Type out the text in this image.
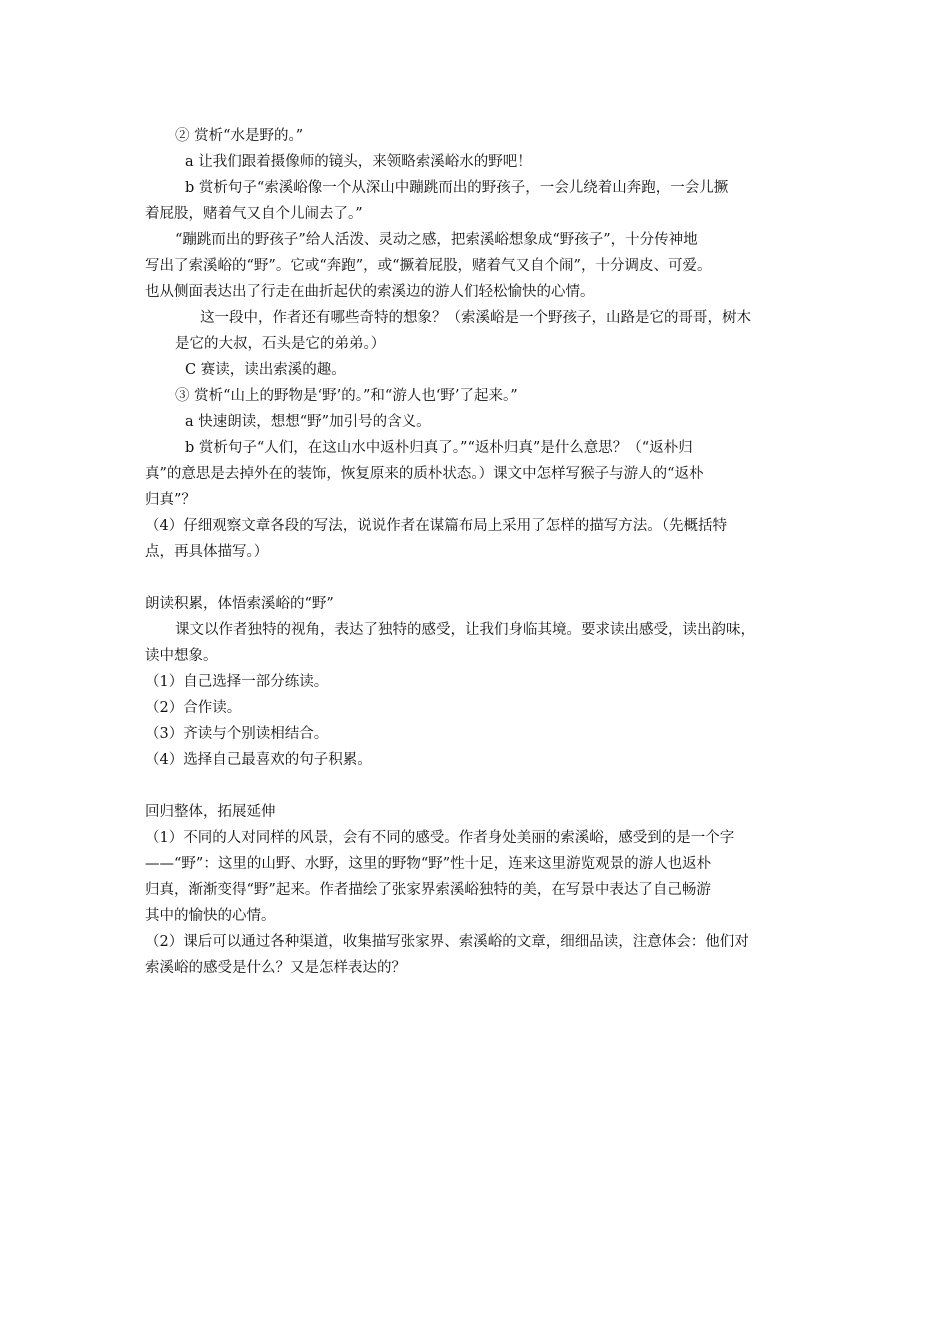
② 赏析“水是野的。”
a 让我们跟着摄像师的镜头，来领略索溪峪水的野吧！
b 赏析句子“索溪峪像一个从深山中蹦跳而出的野孩子，一会儿绕着山奔跑，一会儿撅
着屁股，赌着气又自个儿闹去了。”
“蹦跳而出的野孩子”给人活泼、灵动之感，把索溪峪想象成“野孩子”，十分传神地
写出了索溪峪的“野”。它或“奔跑”，或“撅着屁股，赌着气又自个闹”，十分调皮、可爱。
也从侧面表达出了行走在曲折起伏的索溪边的游人们轻松愉快的心情。
这一段中，作者还有哪些奇特的想象？（索溪峪是一个野孩子，山路是它的哥哥，树木
是它的大叔，石头是它的弟弟。）
C 赛读，读出索溪的趣。
③ 赏析“山上的野物是‘野’的。”和“游人也‘野’了起来。”
a 快速朗读，想想“野”加引号的含义。
b 赏析句子“人们，在这山水中返朴归真了。”“返朴归真”是什么意思？（“返朴归
真”的意思是去掉外在的装饰，恢复原来的质朴状态。）课文中怎样写猴子与游人的“返朴
归真”？
（4）仔细观察文章各段的写法，说说作者在谋篇布局上采用了怎样的描写方法。（先概括特
点，再具体描写。）
朗读积累，体悟索溪峪的“野”
课文以作者独特的视角，表达了独特的感受，让我们身临其境。要求读出感受，读出韵味，
读中想象。
（1）自己选择一部分练读。
（2）合作读。
（3）齐读与个别读相结合。
（4）选择自己最喜欢的句子积累。
回归整体，拓展延伸
（1）不同的人对同样的风景，会有不同的感受。作者身处美丽的索溪峪，感受到的是一个字
——“野”：这里的山野、水野，这里的野物“野”性十足，连来这里游览观景的游人也返朴
归真，渐渐变得“野”起来。作者描绘了张家界索溪峪独特的美，在写景中表达了自己畅游
其中的愉快的心情。
（2）课后可以通过各种渠道，收集描写张家界、索溪峪的文章，细细品读，注意体会：他们对
索溪峪的感受是什么？又是怎样表达的？
